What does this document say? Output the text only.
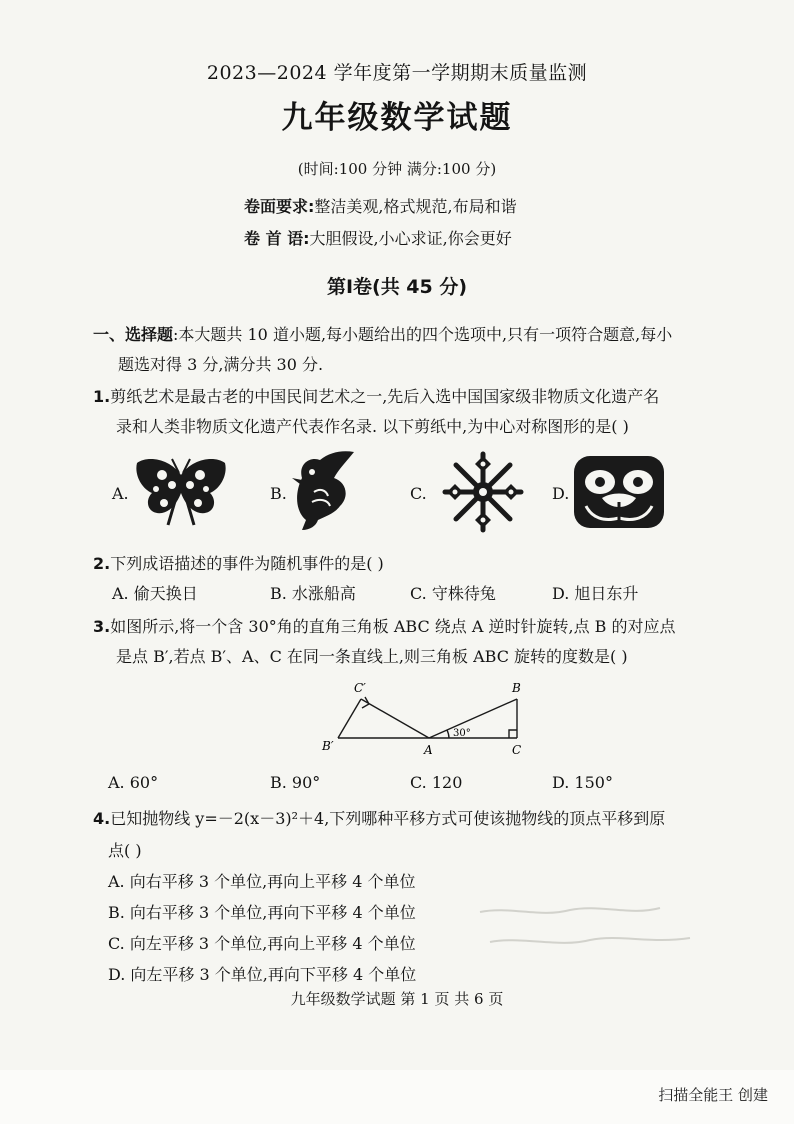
2023—2024 学年度第一学期期末质量监测
九年级数学试题
(时间:100 分钟 满分:100 分)
卷面要求:整洁美观,格式规范,布局和谐
卷 首 语:大胆假设,小心求证,你会更好
第Ⅰ卷(共 45 分)
一、选择题:本大题共 10 道小题,每小题给出的四个选项中,只有一项符合题意,每小
题选对得 3 分,满分共 30 分.
1.剪纸艺术是最古老的中国民间艺术之一,先后入选中国国家级非物质文化遗产名
录和人类非物质文化遗产代表作名录. 以下剪纸中,为中心对称图形的是( )
A.	B.	C.	D.
2.下列成语描述的事件为随机事件的是( )
A. 偷天换日	B. 水涨船高	C. 守株待兔	D. 旭日东升
3.如图所示,将一个含 30°角的直角三角板 ABC 绕点 A 逆时针旋转,点 B 的对应点
是点 B′,若点 B′、A、C 在同一条直线上,则三角板 ABC 旋转的度数是( )
C′	B
B′	A	C
30°
A. 60°	B. 90°	C. 120	D. 150°
4.已知抛物线 y=－2(x－3)²＋4,下列哪种平移方式可使该抛物线的顶点平移到原
点( )
A. 向右平移 3 个单位,再向上平移 4 个单位
B. 向右平移 3 个单位,再向下平移 4 个单位
C. 向左平移 3 个单位,再向上平移 4 个单位
D. 向左平移 3 个单位,再向下平移 4 个单位
九年级数学试题 第 1 页 共 6 页
扫描全能王 创建
